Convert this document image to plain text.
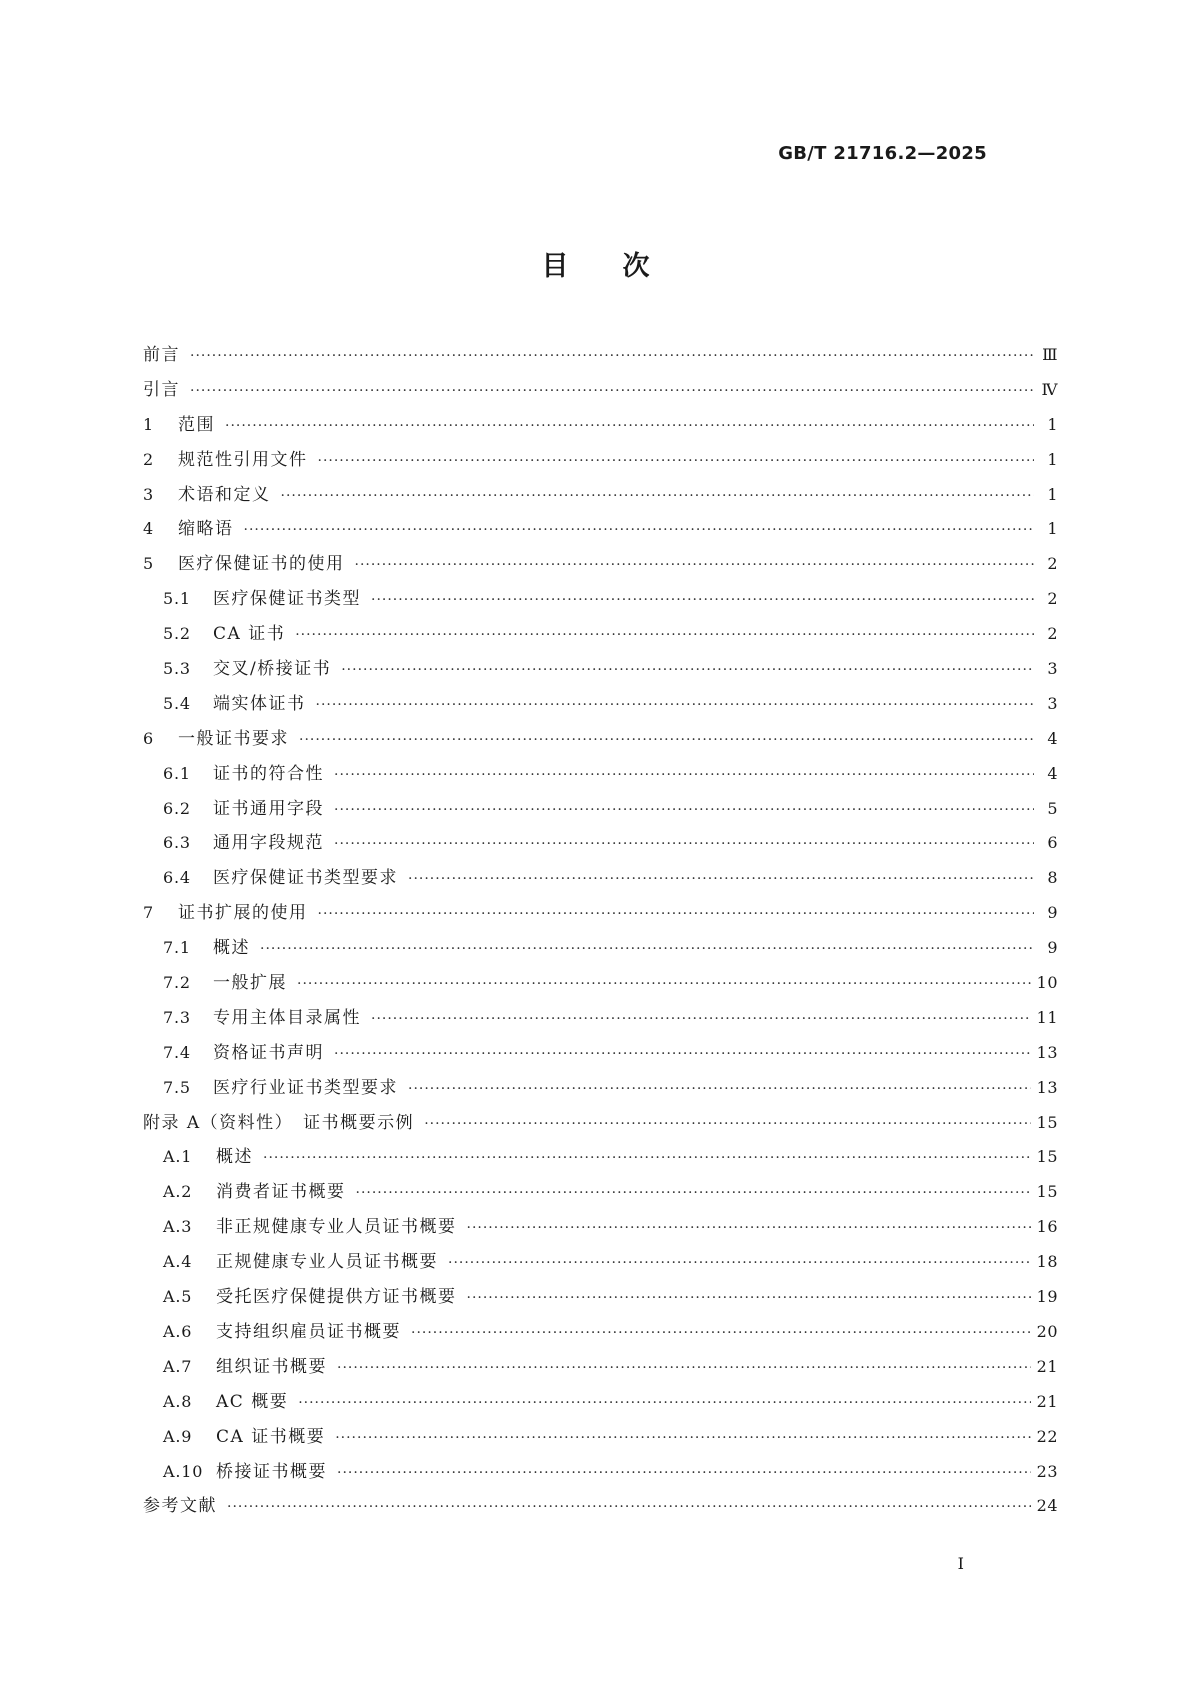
GB/T 21716.2—2025
目　　次
前言 ·····	Ⅲ
引言 ·····	Ⅳ
1	范围 ·····	1
2	规范性引用文件 ·····	1
3	术语和定义 ·····	1
4	缩略语 ·····	1
5	医疗保健证书的使用 ·····	2
5.1	医疗保健证书类型 ·····	2
5.2	CA 证书 ·····	2
5.3	交叉/桥接证书 ·····	3
5.4	端实体证书 ·····	3
6	一般证书要求 ·····	4
6.1	证书的符合性 ·····	4
6.2	证书通用字段 ·····	5
6.3	通用字段规范 ·····	6
6.4	医疗保健证书类型要求 ·····	8
7	证书扩展的使用 ·····	9
7.1	概述 ·····	9
7.2	一般扩展 ·····	10
7.3	专用主体目录属性 ·····	11
7.4	资格证书声明 ·····	13
7.5	医疗行业证书类型要求 ·····	13
附录 A（资料性）　证书概要示例 ·····	15
A.1	概述 ·····	15
A.2	消费者证书概要 ·····	15
A.3	非正规健康专业人员证书概要 ·····	16
A.4	正规健康专业人员证书概要 ·····	18
A.5	受托医疗保健提供方证书概要 ·····	19
A.6	支持组织雇员证书概要 ·····	20
A.7	组织证书概要 ·····	21
A.8	AC 概要 ·····	21
A.9	CA 证书概要 ·····	22
A.10 桥接证书概要 ·····	23
参考文献 ·····	24
Ⅰ
